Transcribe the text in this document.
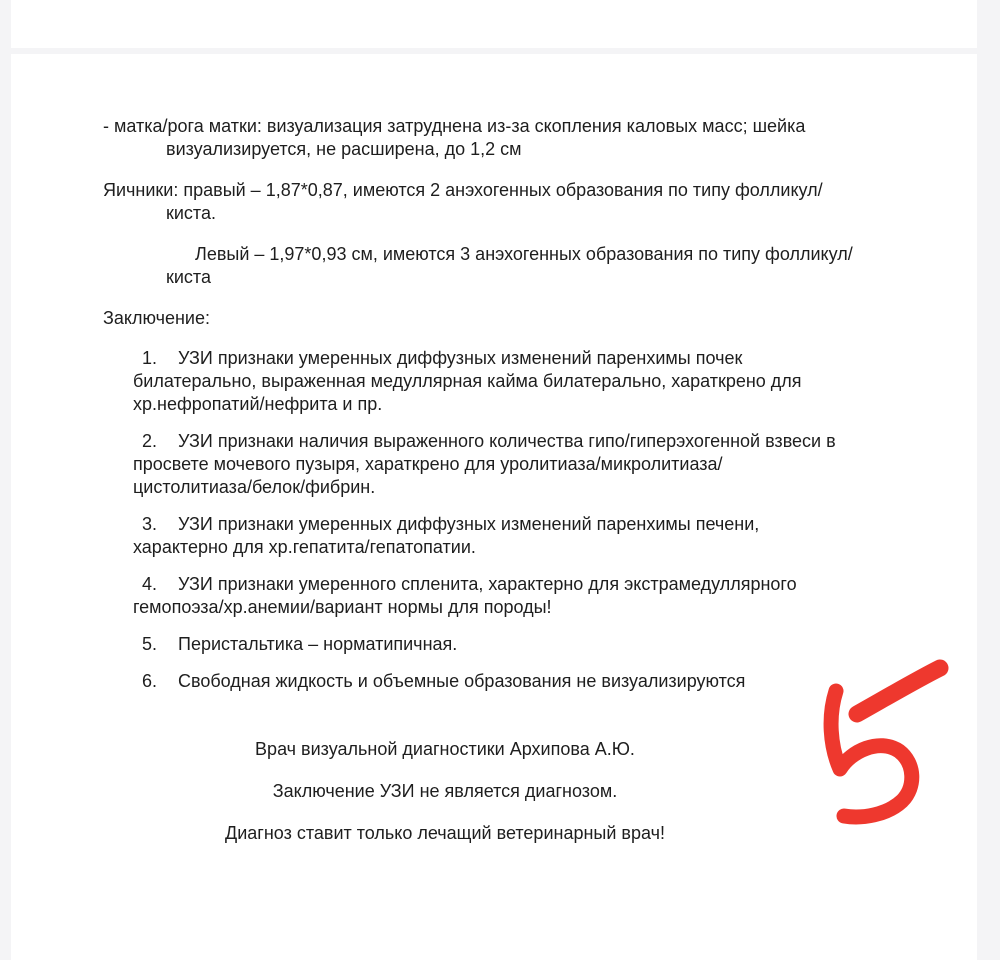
- матка/рога матки: визуализация затруднена из-за скопления каловых масс; шейка
визуализируется, не расширена, до 1,2 см
Яичники: правый – 1,87*0,87, имеются 2 анэхогенных образования по типу фолликул/
киста.
Левый – 1,97*0,93 см, имеются 3 анэхогенных образования по типу фолликул/
киста
Заключение:
1. УЗИ признаки умеренных диффузных изменений паренхимы почек
билатерально, выраженная медуллярная кайма билатерально, хараткрено для
хр.нефропатий/нефрита и пр.
2. УЗИ признаки наличия выраженного количества гипо/гиперэхогенной взвеси в
просвете мочевого пузыря, хараткрено для уролитиаза/микролитиаза/
цистолитиаза/белок/фибрин.
3. УЗИ признаки умеренных диффузных изменений паренхимы печени,
характерно для хр.гепатита/гепатопатии.
4. УЗИ признаки умеренного спленита, характерно для экстрамедуллярного
гемопоэза/хр.анемии/вариант нормы для породы!
5. Перистальтика – норматипичная.
6. Свободная жидкость и объемные образования не визуализируются
Врач визуальной диагностики Архипова А.Ю.
Заключение УЗИ не является диагнозом.
Диагноз ставит только лечащий ветеринарный врач!
